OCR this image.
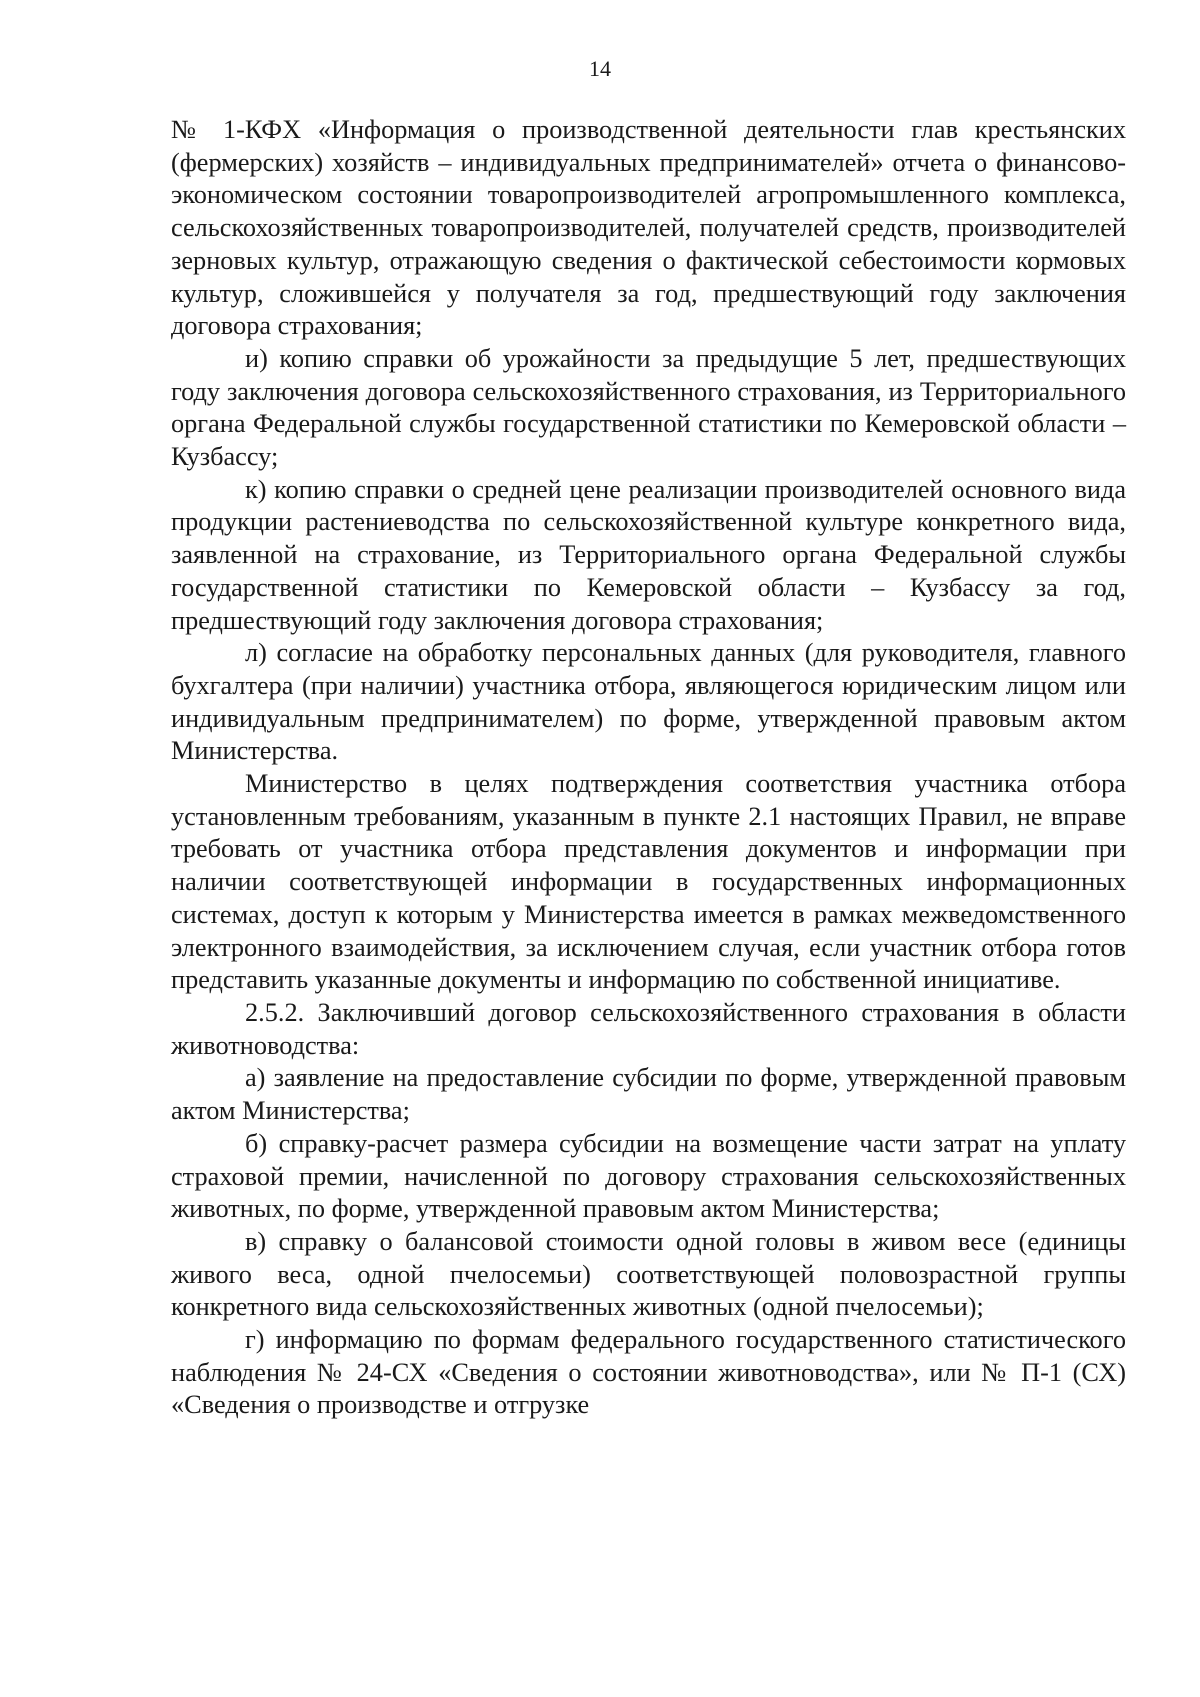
14

№ 1-КФХ «Информация о производственной деятельности глав крестьянских (фермерских) хозяйств – индивидуальных предпринимателей» отчета о финансово-экономическом состоянии товаропроизводителей агропромышленного комплекса, сельскохозяйственных товаропроизводителей, получателей средств, производителей зерновых культур, отражающую сведения о фактической себестоимости кормовых культур, сложившейся у получателя за год, предшествующий году заключения договора страхования;

и) копию справки об урожайности за предыдущие 5 лет, предшествующих году заключения договора сельскохозяйственного страхования, из Территориального органа Федеральной службы государственной статистики по Кемеровской области – Кузбассу;

к) копию справки о средней цене реализации производителей основного вида продукции растениеводства по сельскохозяйственной культуре конкретного вида, заявленной на страхование, из Территориального органа Федеральной службы государственной статистики по Кемеровской области – Кузбассу за год, предшествующий году заключения договора страхования;

л) согласие на обработку персональных данных (для руководителя, главного бухгалтера (при наличии) участника отбора, являющегося юридическим лицом или индивидуальным предпринимателем) по форме, утвержденной правовым актом Министерства.

Министерство в целях подтверждения соответствия участника отбора установленным требованиям, указанным в пункте 2.1 настоящих Правил, не вправе требовать от участника отбора представления документов и информации при наличии соответствующей информации в государственных информационных системах, доступ к которым у Министерства имеется в рамках межведомственного электронного взаимодействия, за исключением случая, если участник отбора готов представить указанные документы и информацию по собственной инициативе.

2.5.2. Заключивший договор сельскохозяйственного страхования в области животноводства:

а) заявление на предоставление субсидии по форме, утвержденной правовым актом Министерства;

б) справку-расчет размера субсидии на возмещение части затрат на уплату страховой премии, начисленной по договору страхования сельскохозяйственных животных, по форме, утвержденной правовым актом Министерства;

в) справку о балансовой стоимости одной головы в живом весе (единицы живого веса, одной пчелосемьи) соответствующей половозрастной группы конкретного вида сельскохозяйственных животных (одной пчелосемьи);

г) информацию по формам федерального государственного статистического наблюдения № 24-СХ «Сведения о состоянии животноводства», или № П-1 (СХ) «Сведения о производстве и отгрузке
